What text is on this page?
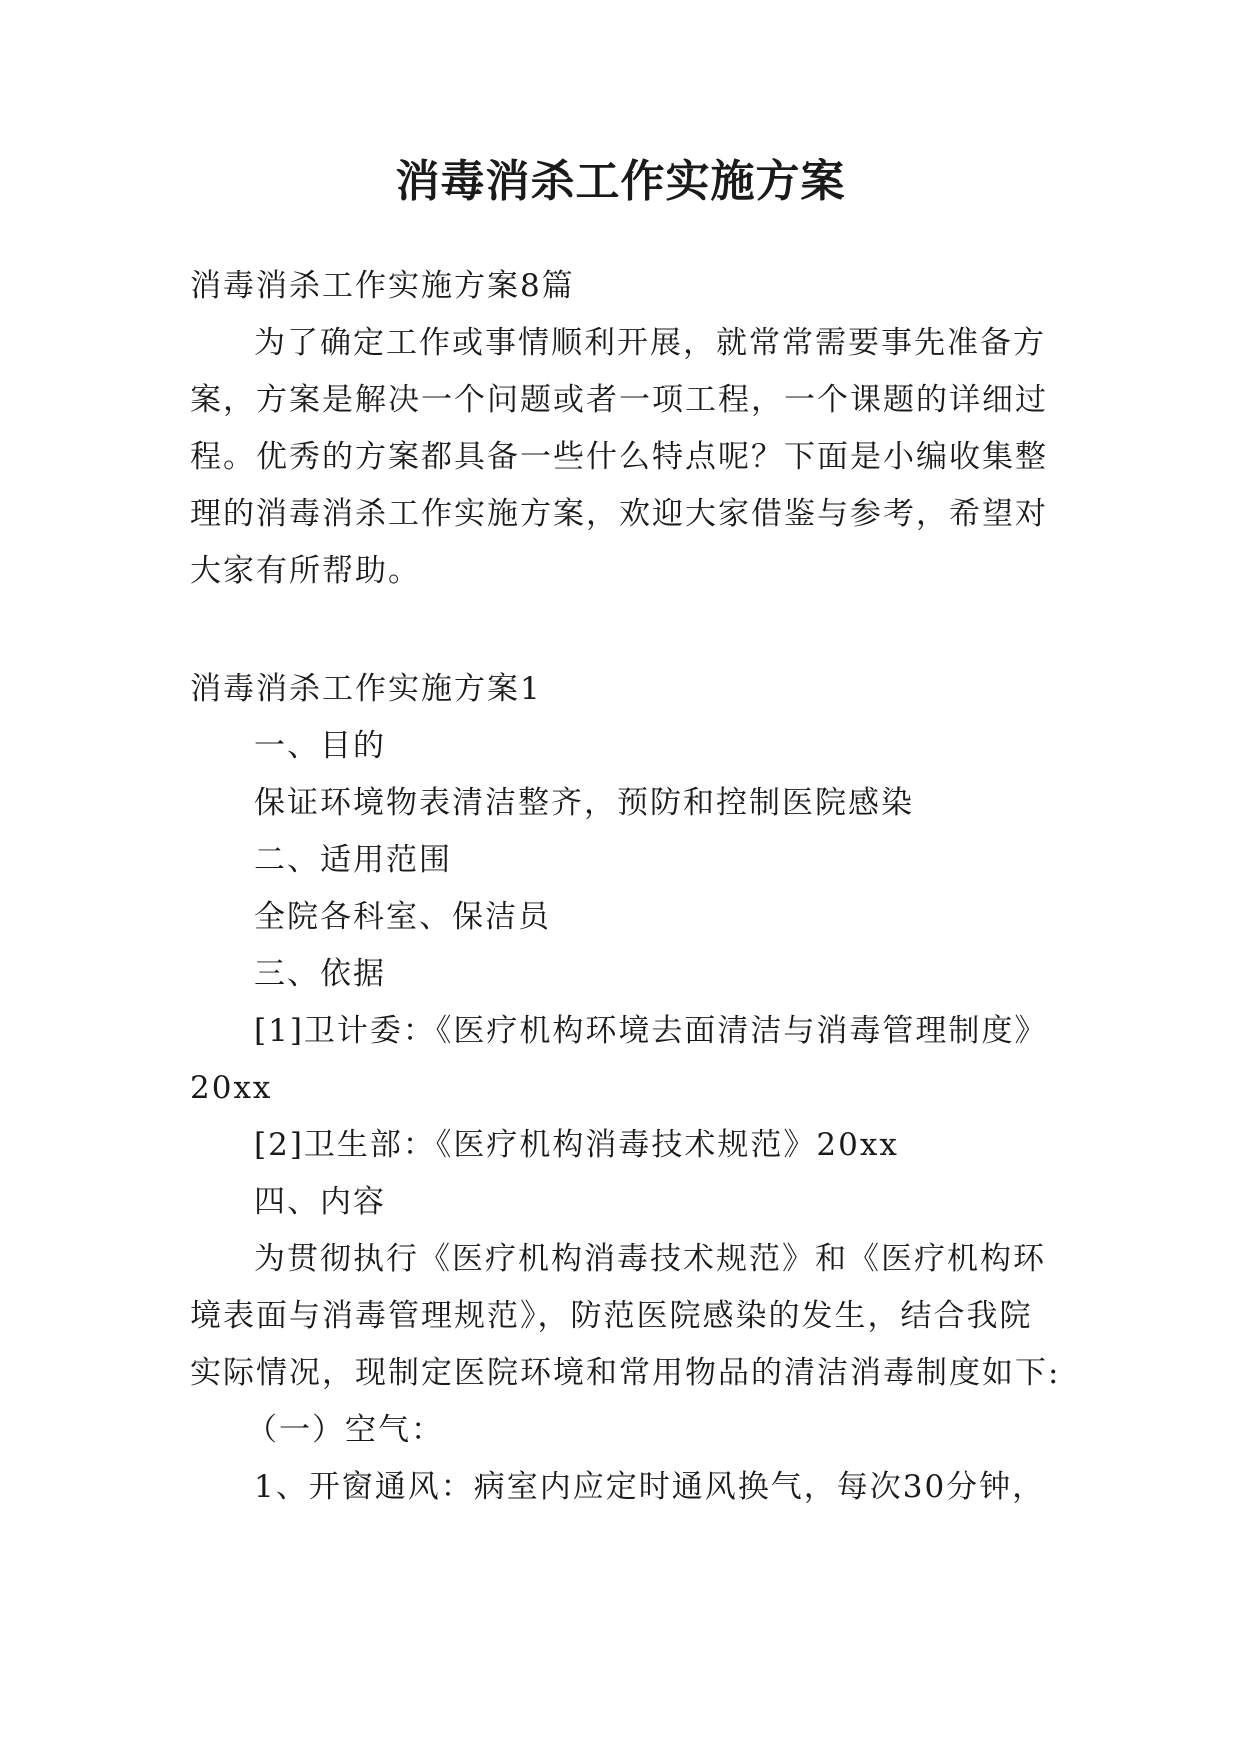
消毒消杀工作实施方案
消毒消杀工作实施方案8篇
为了确定工作或事情顺利开展，就常常需要事先准备方
案，方案是解决一个问题或者一项工程，一个课题的详细过
程。优秀的方案都具备一些什么特点呢？下面是小编收集整
理的消毒消杀工作实施方案，欢迎大家借鉴与参考，希望对
大家有所帮助。
消毒消杀工作实施方案1
一、目的
保证环境物表清洁整齐，预防和控制医院感染
二、适用范围
全院各科室、保洁员
三、依据
[1]卫计委：《医疗机构环境去面清洁与消毒管理制度》
20xx
[2]卫生部：《医疗机构消毒技术规范》20xx
四、内容
为贯彻执行《医疗机构消毒技术规范》和《医疗机构环
境表面与消毒管理规范》，防范医院感染的发生，结合我院
实际情况，现制定医院环境和常用物品的清洁消毒制度如下:
（一）空气：
1、开窗通风：病室内应定时通风换气，每次30分钟，
